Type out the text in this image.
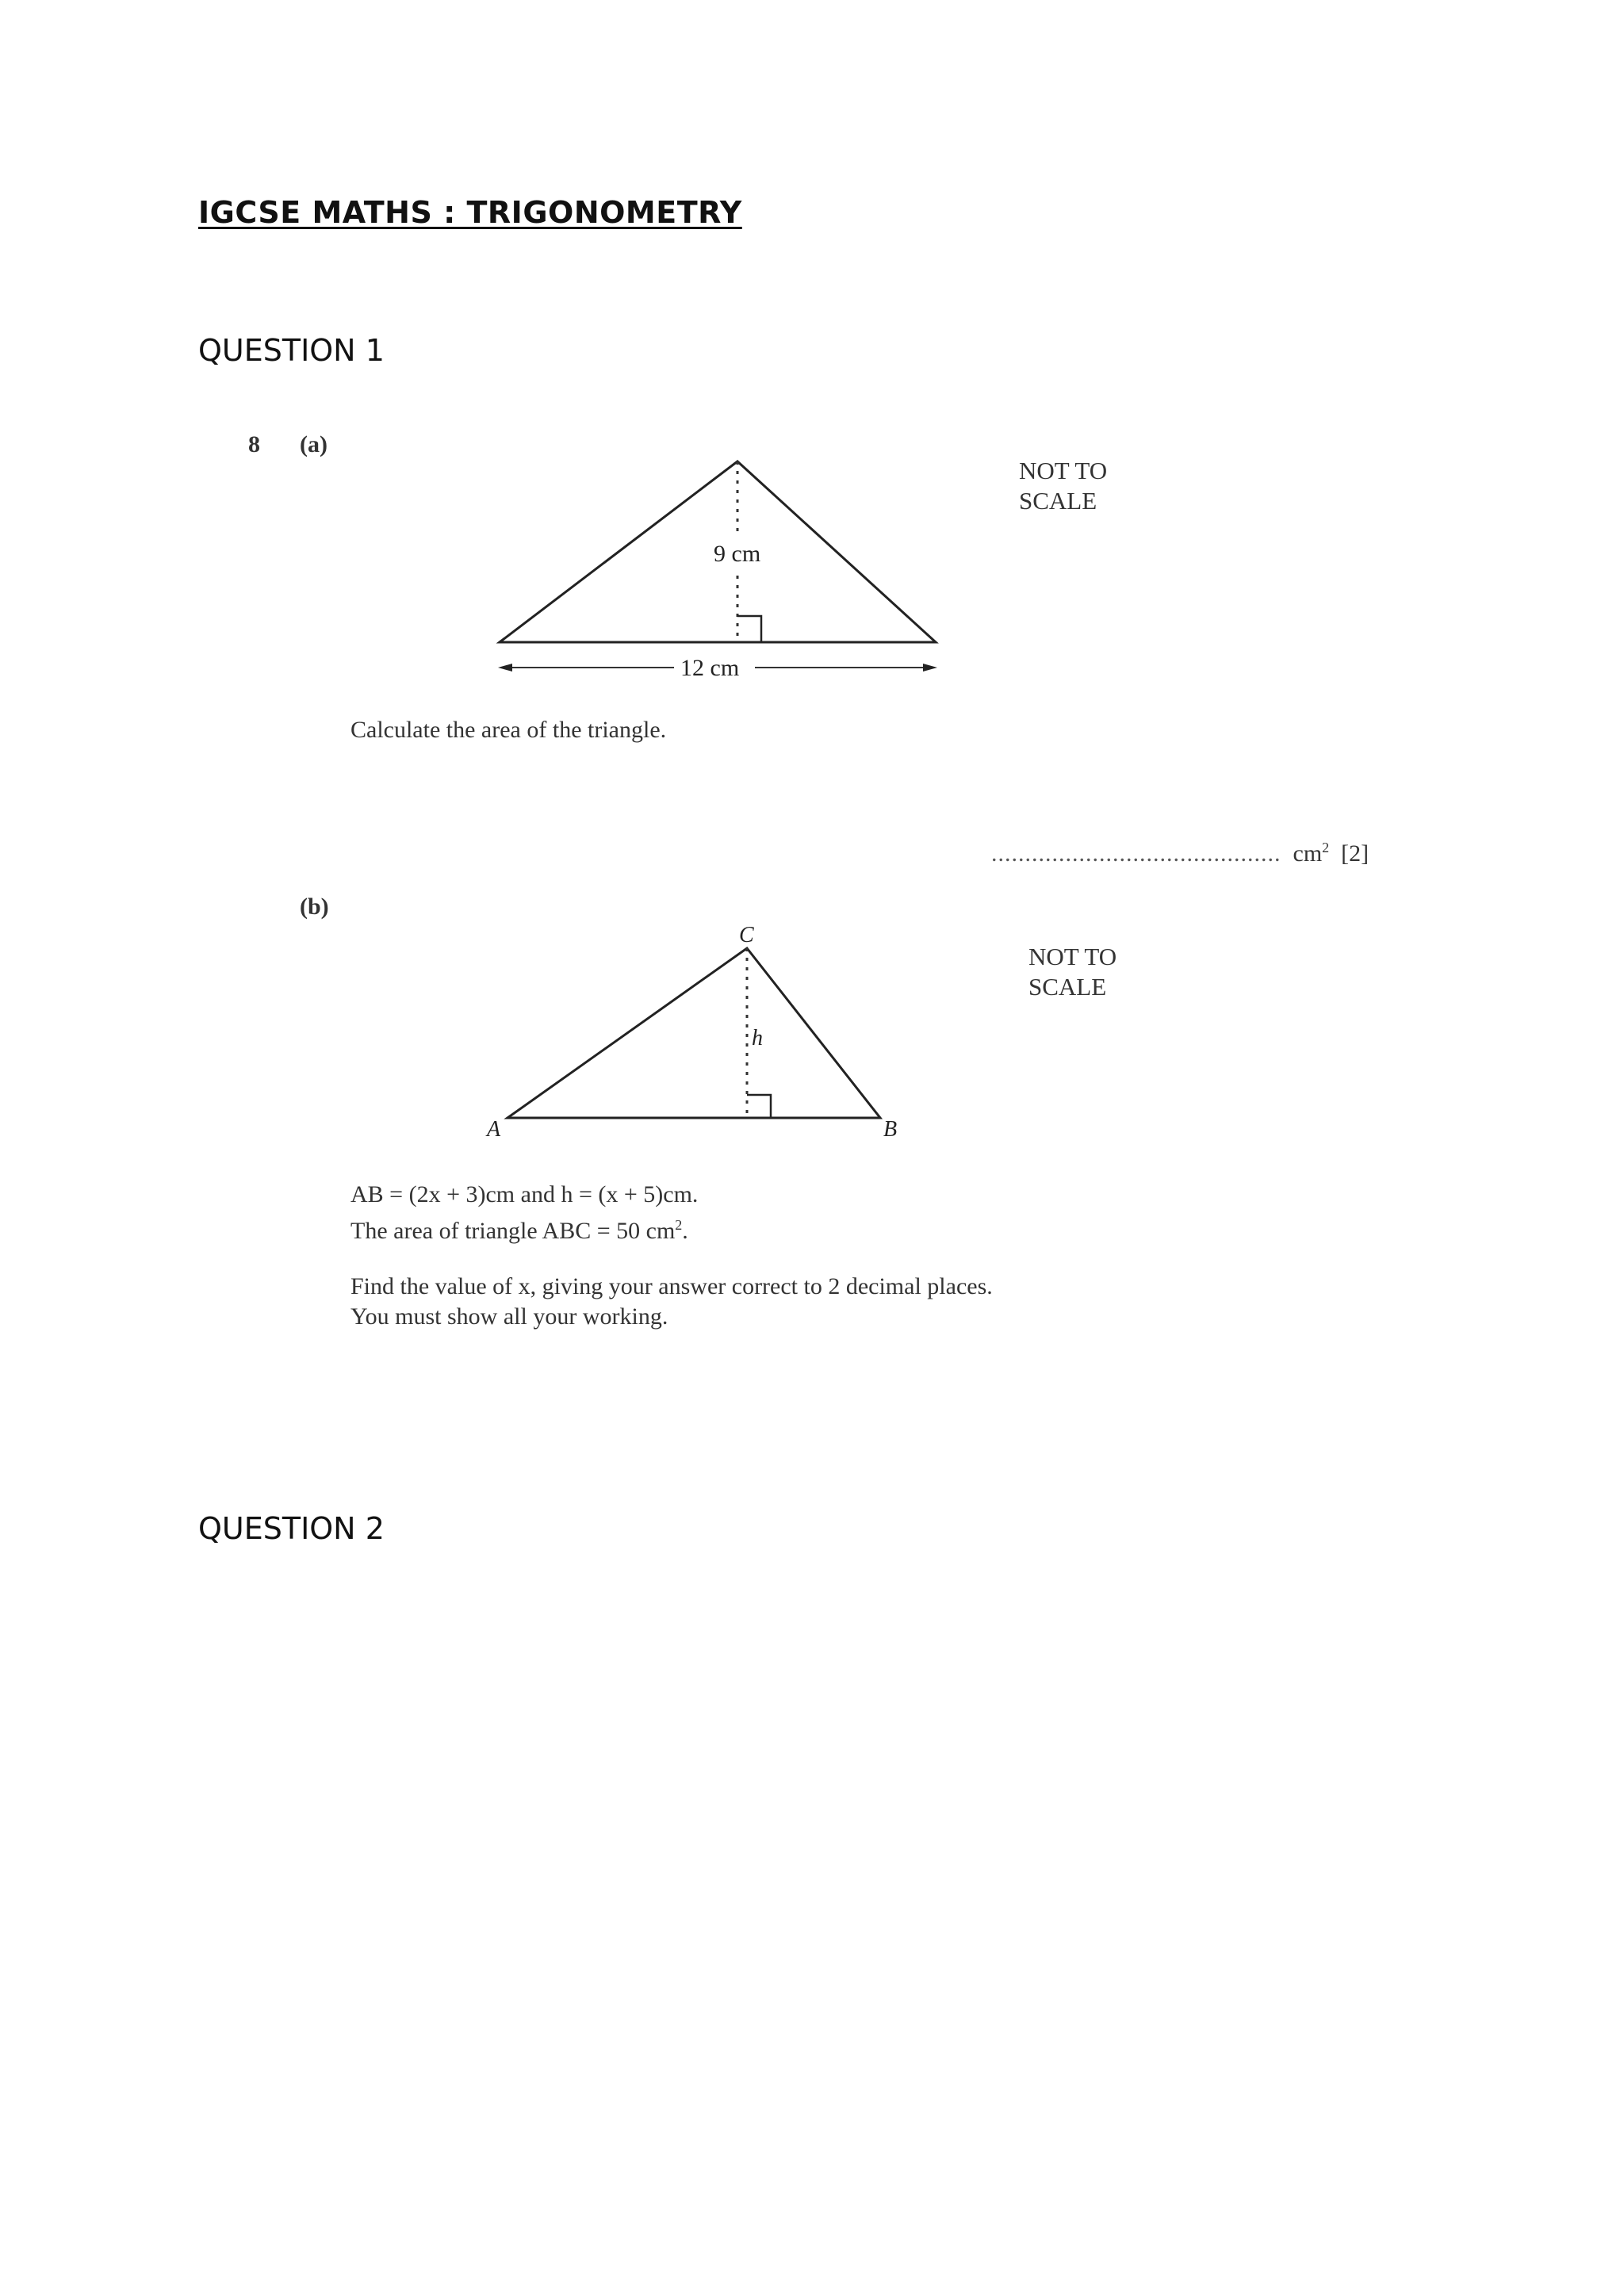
IGCSE MATHS : TRIGONOMETRY
QUESTION 1
8 (a)
9 cm
12 cm
NOT TO
SCALE
Calculate the area of the triangle.
........................................... $cm^2$ [2]
(b)
C
h
A	B
NOT TO
SCALE
AB = (2x + 3)cm and h = (x + 5)cm.
The area of triangle ABC = 50 $cm^2$.
Find the value of x, giving your answer correct to 2 decimal places.
You must show all your working.
QUESTION 2
